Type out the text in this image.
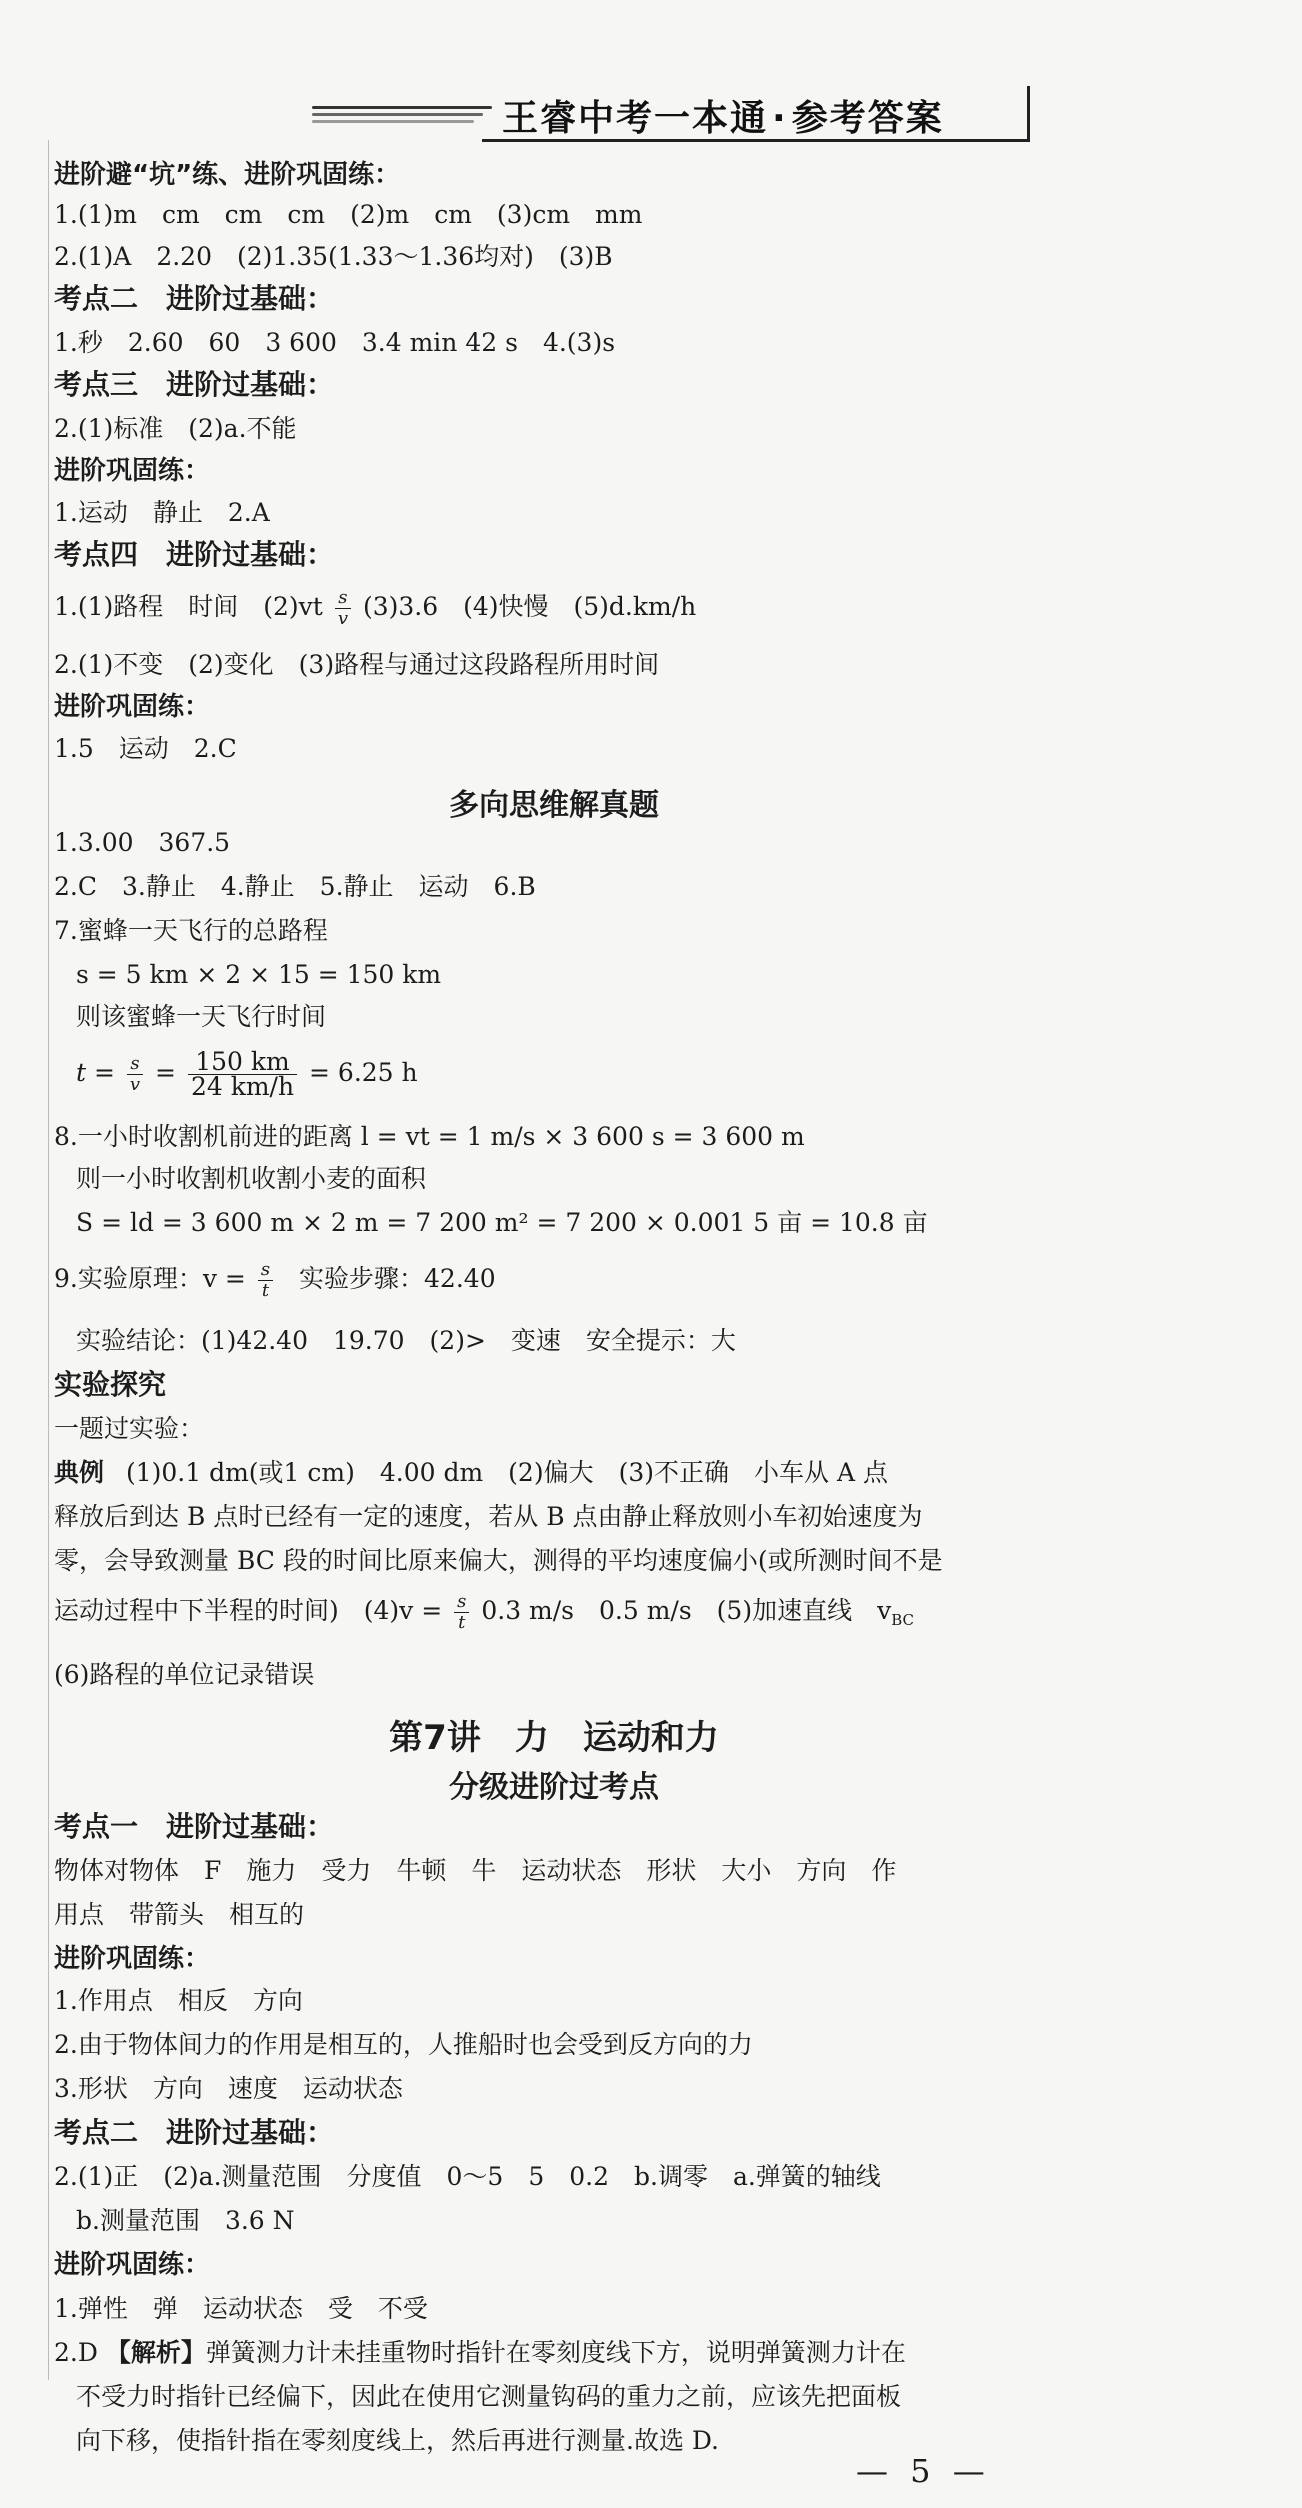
王睿中考一本通 · 参考答案
进阶避“坑”练、进阶巩固练：
1.(1)m　cm　cm　cm　(2)m　cm　(3)cm　mm
2.(1)A　2.20　(2)1.35(1.33～1.36均对)　(3)B
考点二　进阶过基础：
1.秒　2.60　60　3 600　3.4 min 42 s　4.(3)s
考点三　进阶过基础：
2.(1)标准　(2)a.不能
进阶巩固练：
1.运动　静止　2.A
考点四　进阶过基础：
1.(1)路程　时间　$(2)vt \frac{s}{v} (3)3.6$　(4)快慢　(5)d.km/h
2.(1)不变　(2)变化　(3)路程与通过这段路程所用时间
进阶巩固练：
1.5　运动　2.C
多向思维解真题
1.3.00　367.5
2.C　3.静止　4.静止　5.静止　运动　6.B
7.蜜蜂一天飞行的总路程
s = 5 km × 2 × 15 = 150 km
则该蜜蜂一天飞行时间
$t = \frac{s}{v} = \frac{150 km}{24 km/h} = 6.25$ h
8.一小时收割机前进的距离 l = vt = 1 m/s × 3 600 s = 3 600 m
则一小时收割机收割小麦的面积
S = ld = 3 600 m × 2 m = 7 200 m² = 7 200 × 0.001 5 亩 = 10.8 亩
9.实验原理：$v = \frac{s}{t}$ 实验步骤：42.40
实验结论：(1)42.40　19.70　(2)>　变速　安全提示：大
实验探究
一题过实验：
典例 (1)0.1 dm(或1 cm)　4.00 dm　(2)偏大　(3)不正确　小车从 A 点
释放后到达 B 点时已经有一定的速度，若从 B 点由静止释放则小车初始速度为
零，会导致测量 BC 段的时间比原来偏大，测得的平均速度偏小(或所测时间不是
运动过程中下半程的时间)　$(4)v = \frac{s}{t} 0.3$ m/s　0.5 m/s　(5)加速直线　$v_{BC}$
(6)路程的单位记录错误
第7讲　力　运动和力
分级进阶过考点
考点一　进阶过基础：
物体对物体　F　施力　受力　牛顿　牛　运动状态　形状　大小　方向　作
用点　带箭头　相互的
进阶巩固练：
1.作用点　相反　方向
2.由于物体间力的作用是相互的，人推船时也会受到反方向的力
3.形状　方向　速度　运动状态
考点二　进阶过基础：
2.(1)正　(2)a.测量范围　分度值　0～5　5　0.2　b.调零　a.弹簧的轴线
b.测量范围　3.6 N
进阶巩固练：
1.弹性　弹　运动状态　受　不受
2.D 【解析】弹簧测力计未挂重物时指针在零刻度线下方，说明弹簧测力计在
不受力时指针已经偏下，因此在使用它测量钩码的重力之前，应该先把面板
向下移，使指针指在零刻度线上，然后再进行测量.故选 D.
— 5 —
